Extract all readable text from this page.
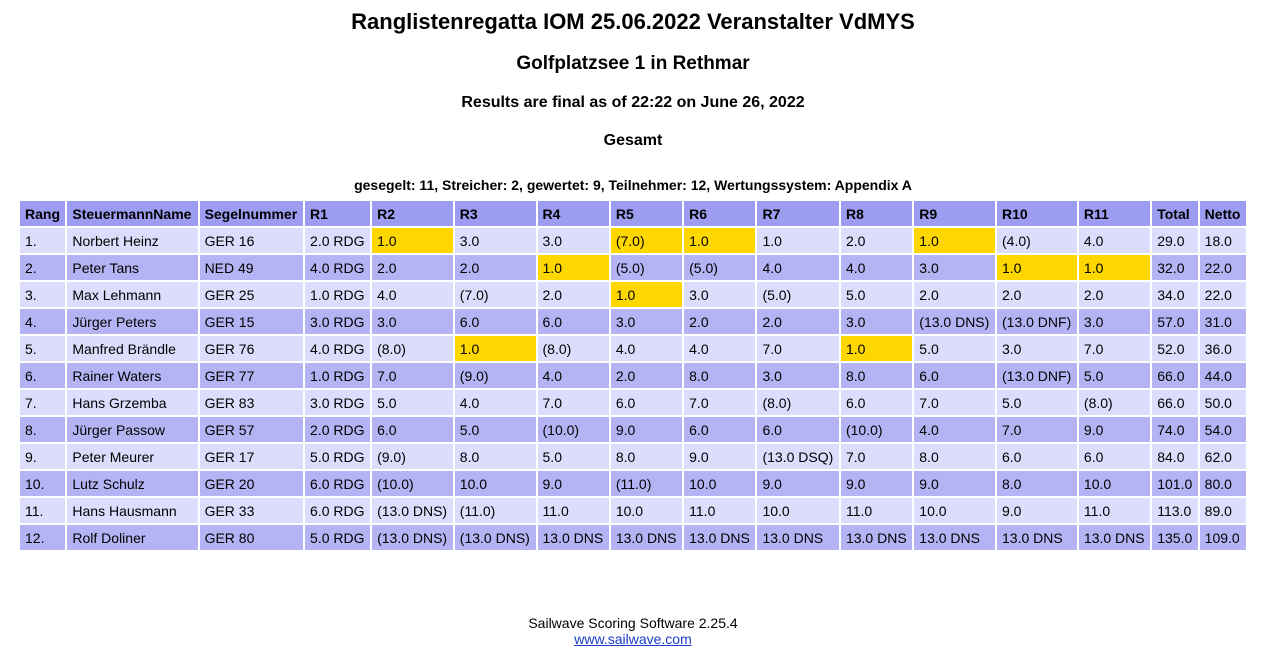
Ranglistenregatta IOM 25.06.2022 Veranstalter VdMYS
Golfplatzsee 1 in Rethmar
Results are final as of 22:22 on June 26, 2022
Gesamt
gesegelt: 11, Streicher: 2, gewertet: 9, Teilnehmer: 12, Wertungssystem: Appendix A
Rang	SteuermannName	Segelnummer	R1	R2	R3	R4	R5	R6	R7	R8	R9	R10	R11	Total	Netto
1.	Norbert Heinz	GER 16	2.0 RDG	1.0	3.0	3.0	(7.0)	1.0	1.0	2.0	1.0	(4.0)	4.0	29.0	18.0
2.	Peter Tans	NED 49	4.0 RDG	2.0	2.0	1.0	(5.0)	(5.0)	4.0	4.0	3.0	1.0	1.0	32.0	22.0
3.	Max Lehmann	GER 25	1.0 RDG	4.0	(7.0)	2.0	1.0	3.0	(5.0)	5.0	2.0	2.0	2.0	34.0	22.0
4.	Jürger Peters	GER 15	3.0 RDG	3.0	6.0	6.0	3.0	2.0	2.0	3.0	(13.0 DNS)	(13.0 DNF)	3.0	57.0	31.0
5.	Manfred Brändle	GER 76	4.0 RDG	(8.0)	1.0	(8.0)	4.0	4.0	7.0	1.0	5.0	3.0	7.0	52.0	36.0
6.	Rainer Waters	GER 77	1.0 RDG	7.0	(9.0)	4.0	2.0	8.0	3.0	8.0	6.0	(13.0 DNF)	5.0	66.0	44.0
7.	Hans Grzemba	GER 83	3.0 RDG	5.0	4.0	7.0	6.0	7.0	(8.0)	6.0	7.0	5.0	(8.0)	66.0	50.0
8.	Jürger Passow	GER 57	2.0 RDG	6.0	5.0	(10.0)	9.0	6.0	6.0	(10.0)	4.0	7.0	9.0	74.0	54.0
9.	Peter Meurer	GER 17	5.0 RDG	(9.0)	8.0	5.0	8.0	9.0	(13.0 DSQ)	7.0	8.0	6.0	6.0	84.0	62.0
10.	Lutz Schulz	GER 20	6.0 RDG	(10.0)	10.0	9.0	(11.0)	10.0	9.0	9.0	9.0	8.0	10.0	101.0	80.0
11.	Hans Hausmann	GER 33	6.0 RDG	(13.0 DNS)	(11.0)	11.0	10.0	11.0	10.0	11.0	10.0	9.0	11.0	113.0	89.0
12.	Rolf Doliner	GER 80	5.0 RDG	(13.0 DNS)	(13.0 DNS)	13.0 DNS	13.0 DNS	13.0 DNS	13.0 DNS	13.0 DNS	13.0 DNS	13.0 DNS	13.0 DNS	135.0	109.0
Sailwave Scoring Software 2.25.4
www.sailwave.com
